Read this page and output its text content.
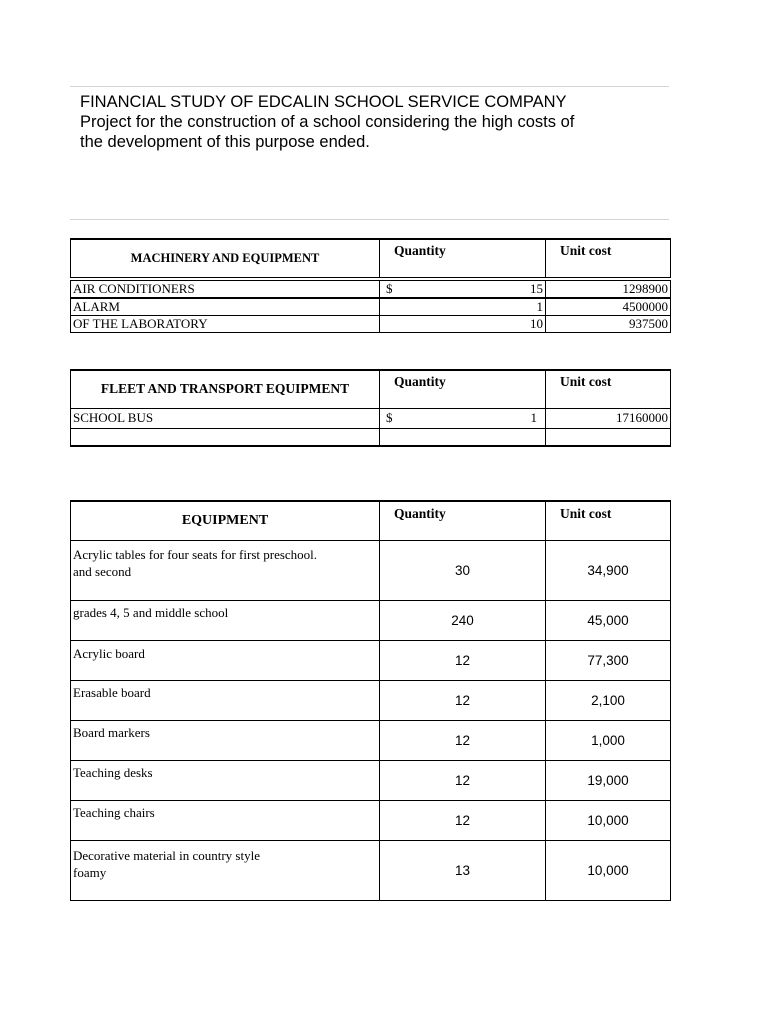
FINANCIAL STUDY OF EDCALIN SCHOOL SERVICE COMPANY
Project for the construction of a school considering the high costs of
the development of this purpose ended.
MACHINERY AND EQUIPMENT	Quantity	Unit cost

AIR CONDITIONERS	$ 15	1298900
ALARM	1	4500000
OF THE LABORATORY	10	937500
FLEET AND TRANSPORT EQUIPMENT	Quantity	Unit cost
SCHOOL BUS	$ 1	17160000

EQUIPMENT	Quantity	Unit cost

Acrylic tables for four seats for first preschool.
and second	30	34,900
grades 4, 5 and middle school	240	45,000
Acrylic board	12	77,300
Erasable board	12	2,100
Board markers	12	1,000
Teaching desks	12	19,000
Teaching chairs	12	10,000

Decorative material in country style
foamy	13	10,000
